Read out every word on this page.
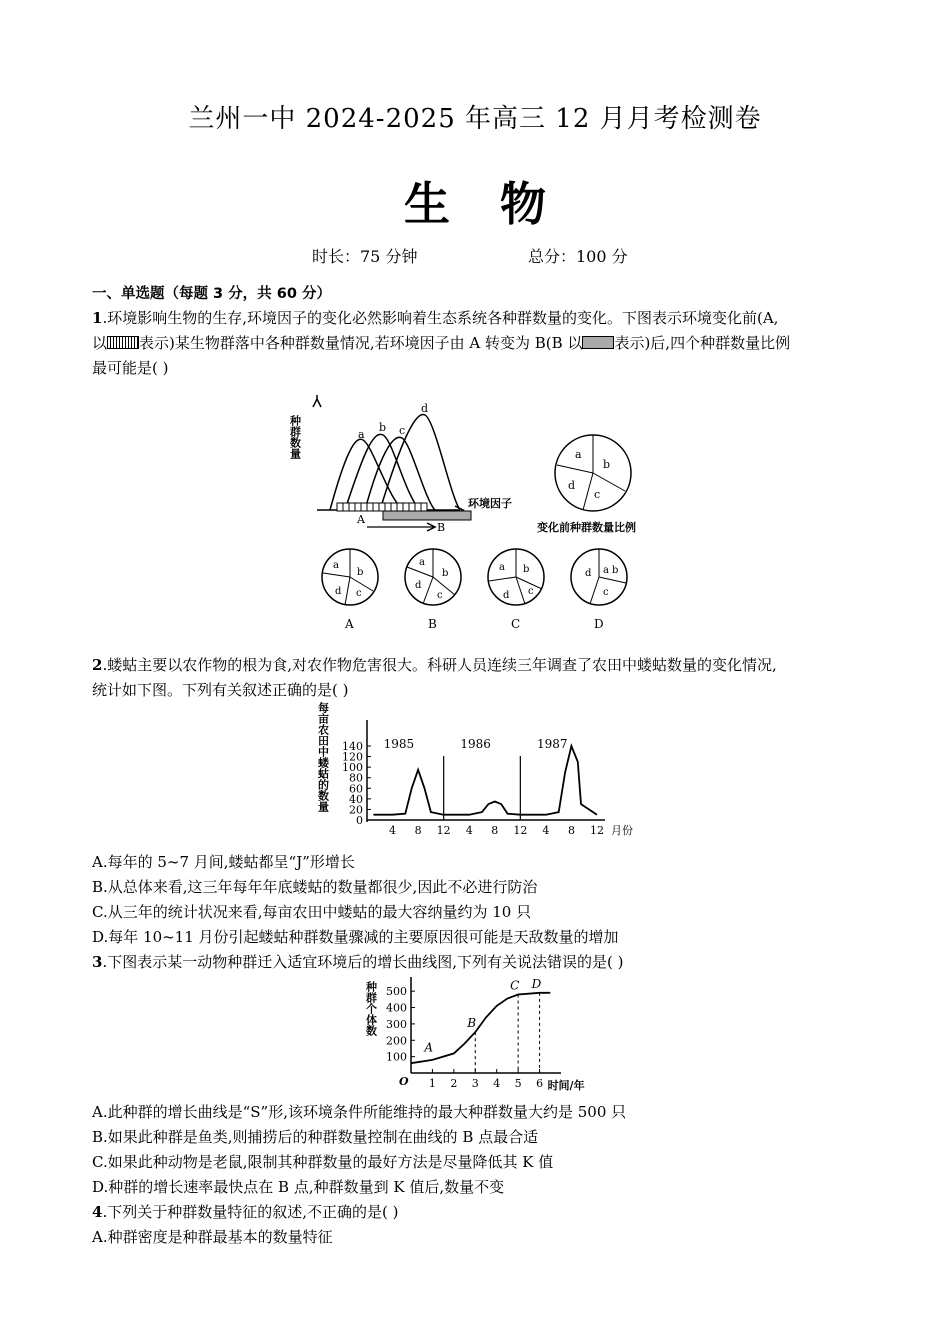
兰州一中 2024-2025 年高三 12 月月考检测卷
生 物
时长：75 分钟	总分：100 分
一、单选题（每题 3 分，共 60 分）
1.环境影响生物的生存,环境因子的变化必然影响着生态系统各种群数量的变化。下图表示环境变化前(A,
以 表示)某生物群落中各种群数量情况,若环境因子由 A 转变为 B(B 以 表示)后,四个种群数量比例
最可能是( )
种群数量	a
b c
d
A
B
环境因子
a
b
c
d
变化前种群数量比例
a
b
c
d
A
a
b
c
d
B
a b
c
d
C
d a b
c
D
2.蝼蛄主要以农作物的根为食,对农作物危害很大。科研人员连续三年调查了农田中蝼蛄数量的变化情况,
统计如下图。下列有关叙述正确的是( )
每亩农田中蝼蛄的数量
0
20
40
60
80
100
120
140
4 8 12 4 8 12 4 8 12 月份
1985	1986	1987
A.每年的 5~7 月间,蝼蛄都呈“J”形增长
B.从总体来看,这三年每年年底蝼蛄的数量都很少,因此不必进行防治
C.从三年的统计状况来看,每亩农田中蝼蛄的最大容纳量约为 10 只
D.每年 10~11 月份引起蝼蛄种群数量骤减的主要原因很可能是天敌数量的增加
3.下图表示某一动物种群迁入适宜环境后的增长曲线图,下列有关说法错误的是( )
种群个体数
O
100
200
300
400
500
1 2 3 4 5 6 时间/年
A
B
C D
A.此种群的增长曲线是“S”形,该环境条件所能维持的最大种群数量大约是 500 只
B.如果此种群是鱼类,则捕捞后的种群数量控制在曲线的 B 点最合适
C.如果此种动物是老鼠,限制其种群数量的最好方法是尽量降低其 K 值
D.种群的增长速率最快点在 B 点,种群数量到 K 值后,数量不变
4.下列关于种群数量特征的叙述,不正确的是( )
A.种群密度是种群最基本的数量特征
